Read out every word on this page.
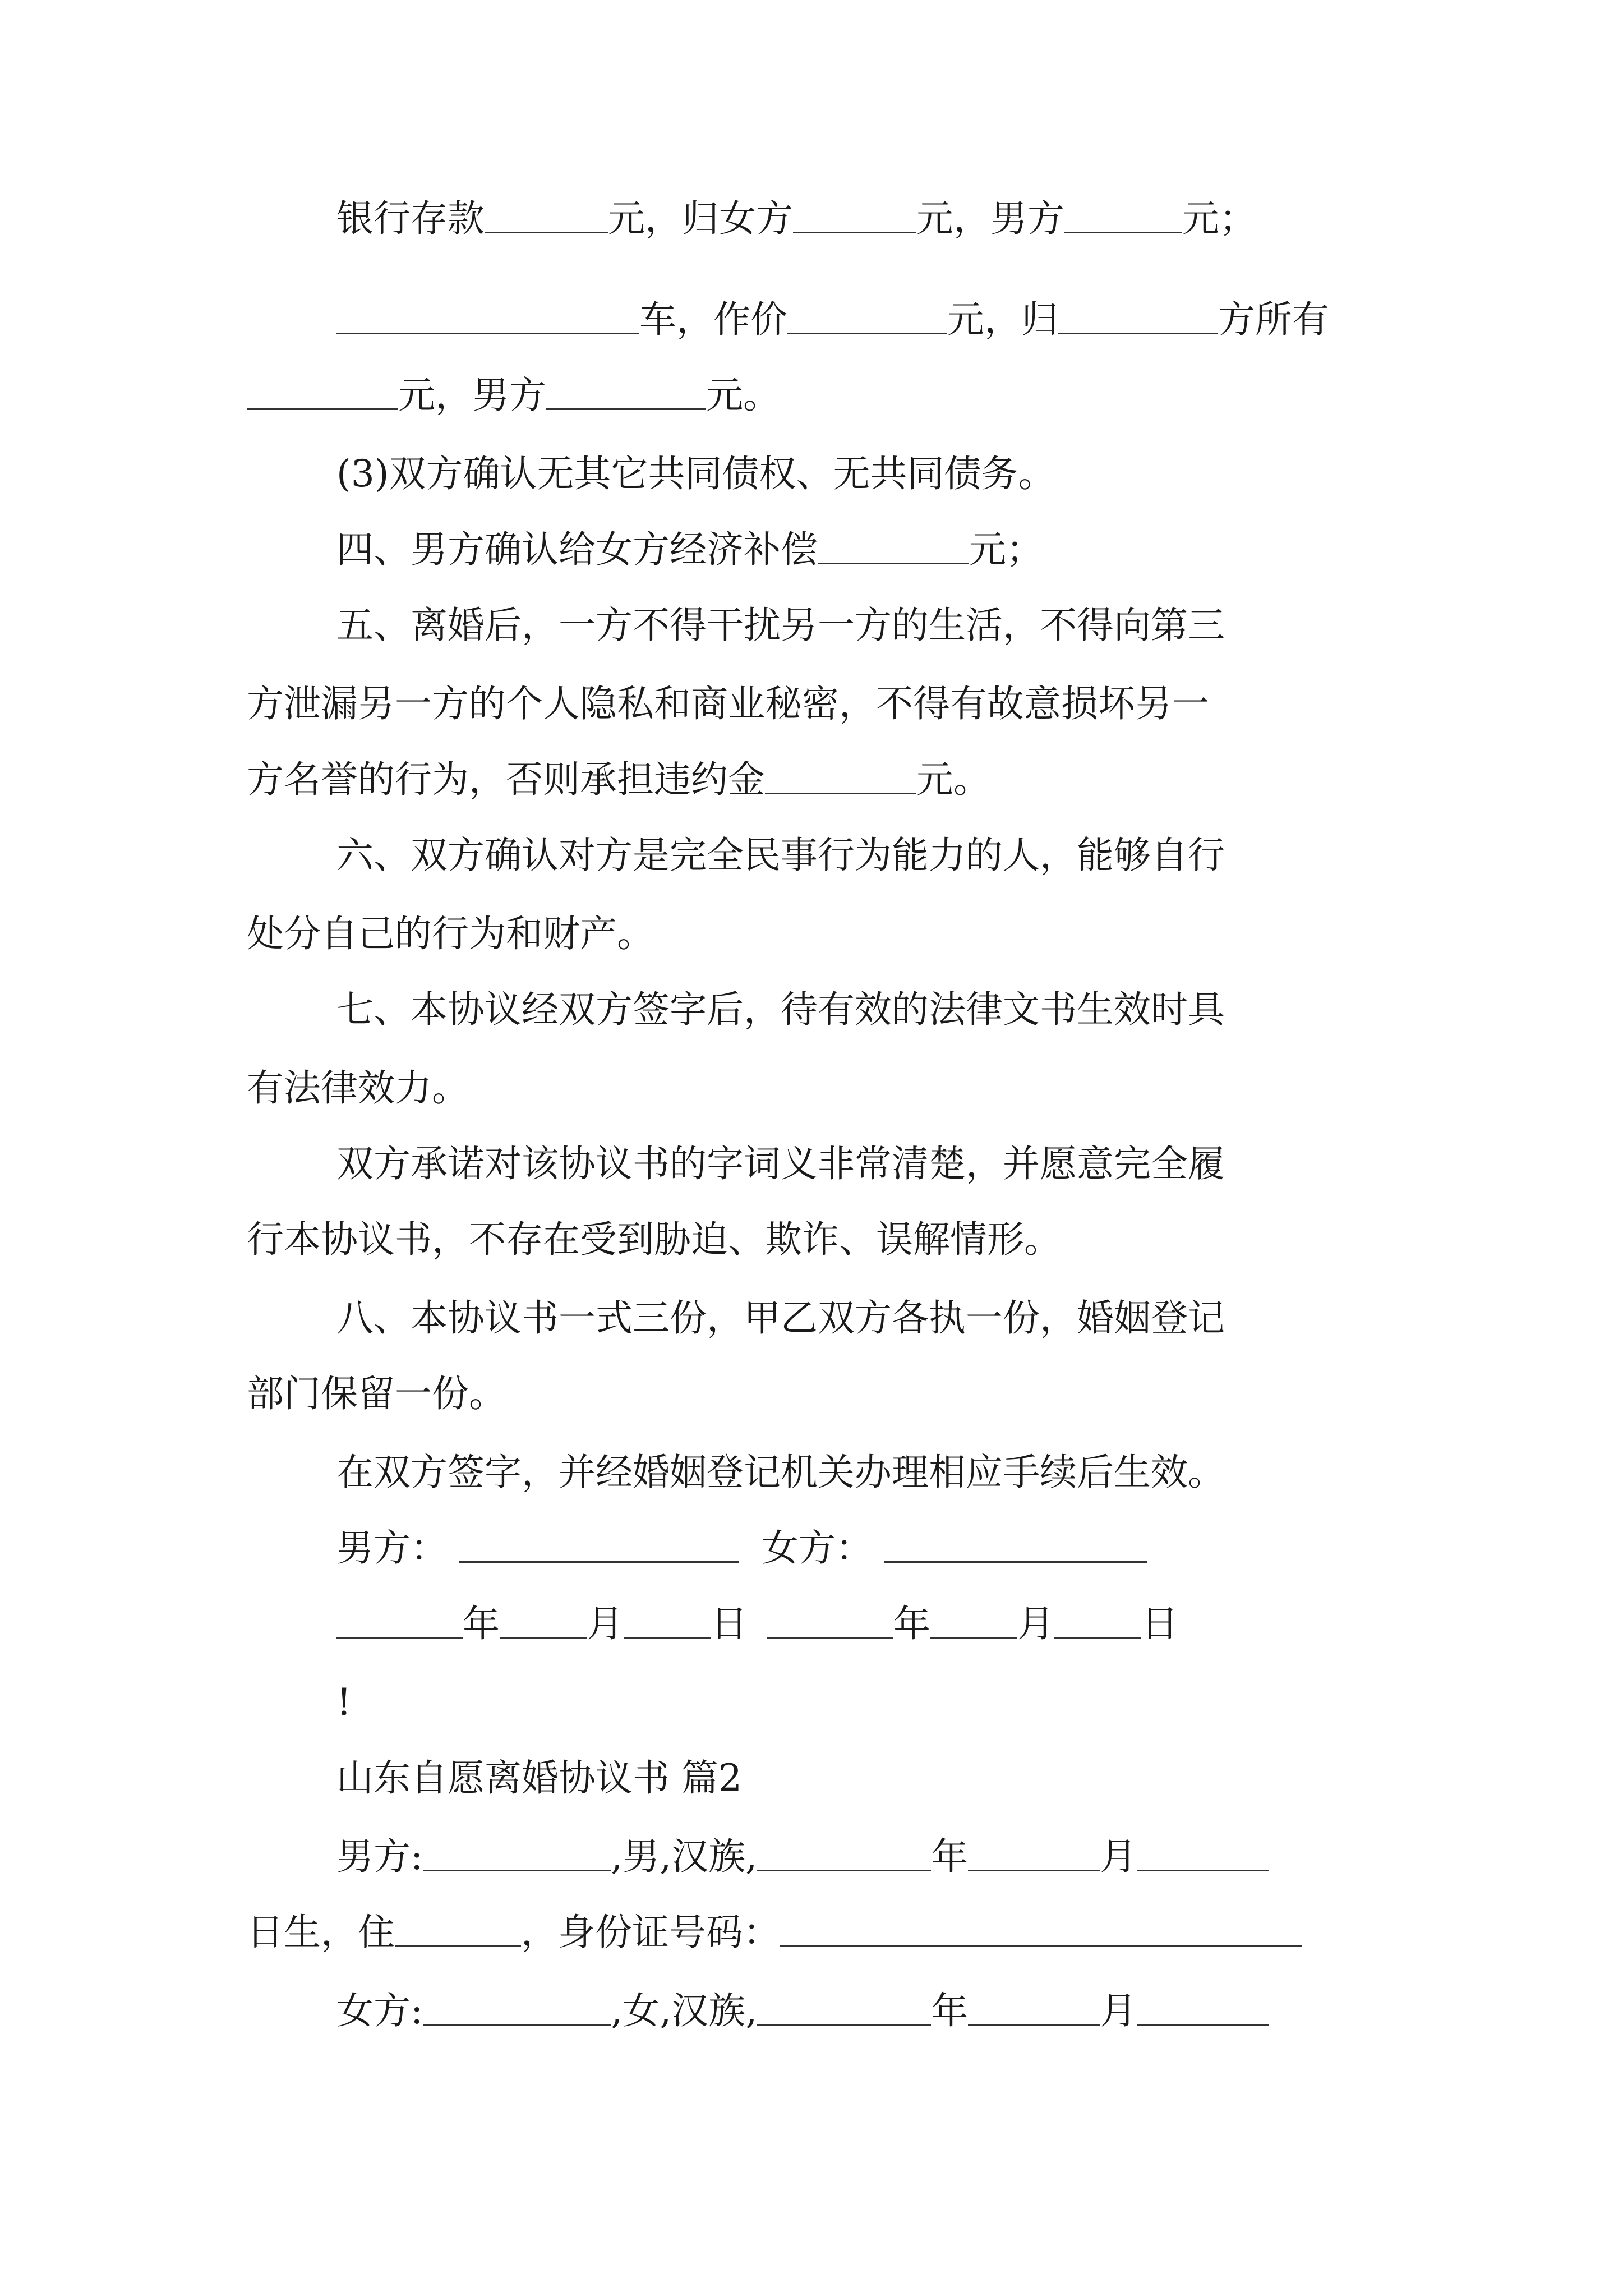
银行存款	元，归女方	元，男方	元；
车，作价	元，归	方所有
元，男方	元。
(3)双方确认无其它共同债权、无共同债务。
四、男方确认给女方经济补偿	元；
五、离婚后，一方不得干扰另一方的生活，不得向第三
方泄漏另一方的个人隐私和商业秘密，不得有故意损坏另一
方名誉的行为，否则承担违约金	元。
六、双方确认对方是完全民事行为能力的人，能够自行
处分自己的行为和财产。
七、本协议经双方签字后，待有效的法律文书生效时具
有法律效力。
双方承诺对该协议书的字词义非常清楚，并愿意完全履
行本协议书，不存在受到胁迫、欺诈、误解情形。
八、本协议书一式三份，甲乙双方各执一份，婚姻登记
部门保留一份。
在双方签字，并经婚姻登记机关办理相应手续后生效。
男方：	女方：
年 月 日	年 月 日
!
山东自愿离婚协议书 篇2
男方:	,男,汉族,	年	月
日生，住	，身份证号码：
女方:	,女,汉族,	年	月
